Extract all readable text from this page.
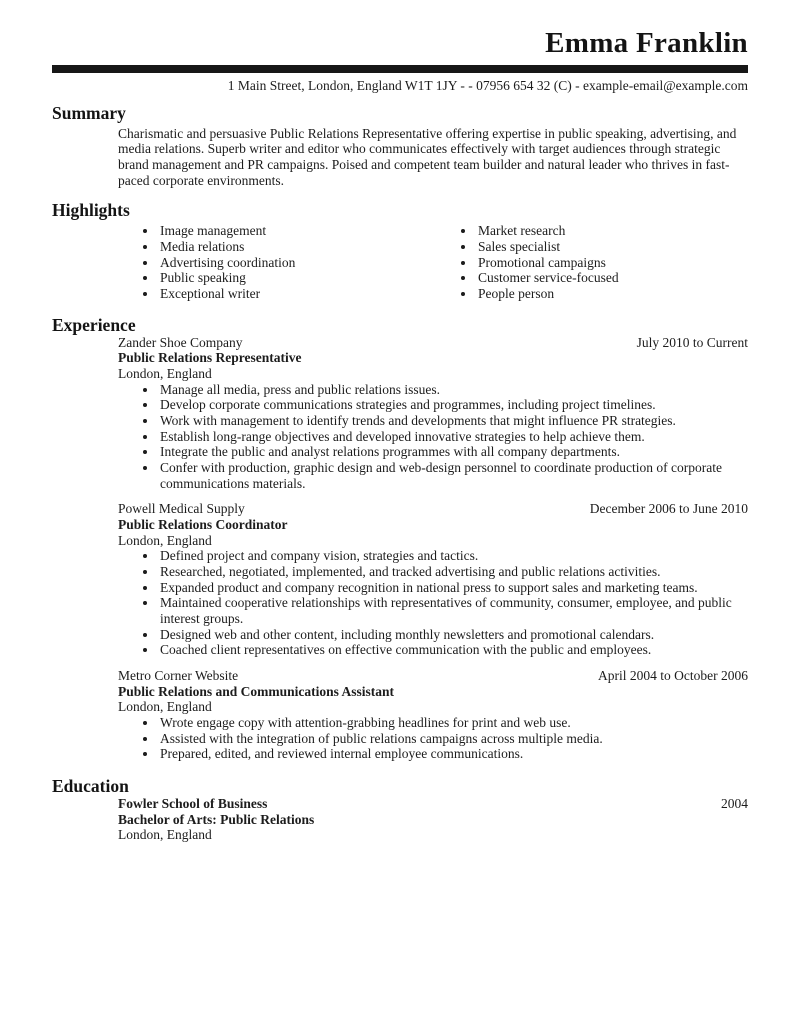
Emma Franklin
1 Main Street, London, England W1T 1JY - - 07956 654 32 (C) - example-email@example.com
Summary

Charismatic and persuasive Public Relations Representative offering expertise in public speaking, advertising, and media relations. Superb writer and editor who communicates effectively with target audiences through strategic brand management and PR campaigns. Poised and competent team builder and natural leader who thrives in fast-paced corporate environments.

Highlights
• Image management
• Media relations
• Advertising coordination
• Public speaking
• Exceptional writer
• Market research
• Sales specialist
• Promotional campaigns
• Customer service-focused
• People person
Experience
Zander Shoe Company	July 2010 to Current
Public Relations Representative
London, England
• Manage all media, press and public relations issues.
• Develop corporate communications strategies and programmes, including project timelines.
• Work with management to identify trends and developments that might influence PR strategies.
• Establish long-range objectives and developed innovative strategies to help achieve them.
• Integrate the public and analyst relations programmes with all company departments.
• Confer with production, graphic design and web-design personnel to coordinate production of corporate communications materials.
Powell Medical Supply	December 2006 to June 2010
Public Relations Coordinator
London, England
• Defined project and company vision, strategies and tactics.
• Researched, negotiated, implemented, and tracked advertising and public relations activities.
• Expanded product and company recognition in national press to support sales and marketing teams.
• Maintained cooperative relationships with representatives of community, consumer, employee, and public interest groups.
• Designed web and other content, including monthly newsletters and promotional calendars.
• Coached client representatives on effective communication with the public and employees.
Metro Corner Website	April 2004 to October 2006
Public Relations and Communications Assistant
London, England
• Wrote engage copy with attention-grabbing headlines for print and web use.
• Assisted with the integration of public relations campaigns across multiple media.
• Prepared, edited, and reviewed internal employee communications.
Education
Fowler School of Business	2004
Bachelor of Arts: Public Relations
London, England
